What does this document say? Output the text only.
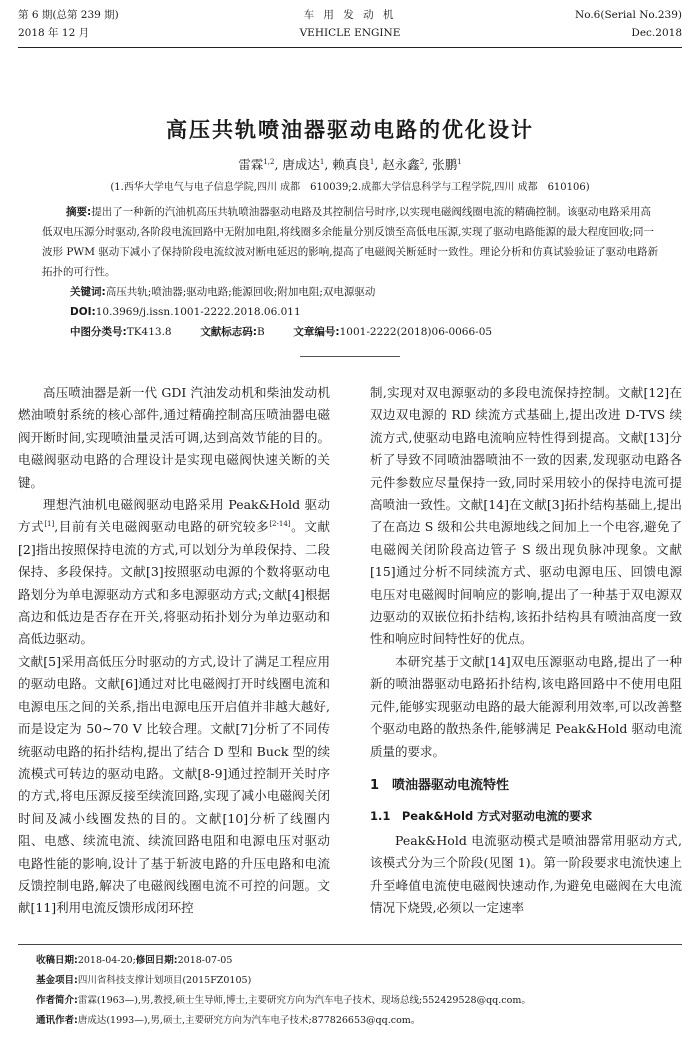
第 6 期(总第 239 期)
2018 年 12 月
车 用 发 动 机
VEHICLE ENGINE
No.6(Serial No.239)
Dec.2018
高压共轨喷油器驱动电路的优化设计
雷霖$^{1,2}$, 唐成达$^1$, 赖真良$^1$, 赵永鑫$^2$, 张鹏$^1$
(1.西华大学电气与电子信息学院,四川 成都　610039;2.成都大学信息科学与工程学院,四川 成都　610106)
摘要:提出了一种新的汽油机高压共轨喷油器驱动电路及其控制信号时序,以实现电磁阀线圈电流的精确控制。该驱动电路采用高低双电压源分时驱动,各阶段电流回路中无附加电阻,将线圈多余能量分别反馈至高低电压源,实现了驱动电路能源的最大程度回收;同一波形 PWM 驱动下减小了保持阶段电流纹波对断电延迟的影响,提高了电磁阀关断延时一致性。理论分析和仿真试验验证了驱动电路新拓扑的可行性。
关键词:高压共轨;喷油器;驱动电路;能源回收;附加电阻;双电源驱动
DOI:10.3969/j.issn.1001-2222.2018.06.011
中图分类号:TK413.8	文献标志码:B	文章编号:1001-2222(2018)06-0066-05

高压喷油器是新一代 GDI 汽油发动机和柴油发动机燃油喷射系统的核心部件,通过精确控制高压喷油器电磁阀开断时间,实现喷油量灵活可调,达到高效节能的目的。电磁阀驱动电路的合理设计是实现电磁阀快速关断的关键。

理想汽油机电磁阀驱动电路采用 Peak&Hold 驱动方式[1],目前有关电磁阀驱动电路的研究较多[2-14]。文献[2]指出按照保持电流的方式,可以划分为单段保持、二段保持、多段保持。文献[3]按照驱动电源的个数将驱动电路划分为单电源驱动方式和多电源驱动方式;文献[4]根据高边和低边是否存在开关,将驱动拓扑划分为单边驱动和高低边驱动。

文献[5]采用高低压分时驱动的方式,设计了满足工程应用的驱动电路。文献[6]通过对比电磁阀打开时线圈电流和电源电压之间的关系,指出电源电压开启值并非越大越好,而是设定为 50~70 V 比较合理。文献[7]分析了不同传统驱动电路的拓扑结构,提出了结合 D 型和 Buck 型的续流模式可转边的驱动电路。文献[8-9]通过控制开关时序的方式,将电压源反接至续流回路,实现了减小电磁阀关闭时间及减小线圈发热的目的。文献[10]分析了线圈内阻、电感、续流电流、续流回路电阻和电源电压对驱动电路性能的影响,设计了基于斩波电路的升压电路和电流反馈控制电路,解决了电磁阀线圈电流不可控的问题。文献[11]利用电流反馈形成闭环控

制,实现对双电源驱动的多段电流保持控制。文献[12]在双边双电源的 RD 续流方式基础上,提出改进 D-TVS 续流方式,使驱动电路电流响应特性得到提高。文献[13]分析了导致不同喷油器喷油不一致的因素,发现驱动电路各元件参数应尽量保持一致,同时采用较小的保持电流可提高喷油一致性。文献[14]在文献[3]拓扑结构基础上,提出了在高边 S 级和公共电源地线之间加上一个电容,避免了电磁阀关闭阶段高边管子 S 级出现负脉冲现象。文献[15]通过分析不同续流方式、驱动电源电压、回馈电源电压对电磁阀时间响应的影响,提出了一种基于双电源双边驱动的双嵌位拓扑结构,该拓扑结构具有喷油高度一致性和响应时间特性好的优点。

本研究基于文献[14]双电压源驱动电路,提出了一种新的喷油器驱动电路拓扑结构,该电路回路中不使用电阻元件,能够实现驱动电路的最大能源利用效率,可以改善整个驱动电路的散热条件,能够满足 Peak&Hold 驱动电流质量的要求。

1　喷油器驱动电流特性
1.1　Peak&Hold 方式对驱动电流的要求

Peak&Hold 电流驱动模式是喷油器常用驱动方式,该模式分为三个阶段(见图 1)。第一阶段要求电流快速上升至峰值电流使电磁阀快速动作,为避免电磁阀在大电流情况下烧毁,必须以一定速率

收稿日期:2018-04-20;修回日期:2018-07-05
基金项目:四川省科技支撑计划项目(2015FZ0105)
作者简介:雷霖(1963—),男,教授,硕士生导师,博士,主要研究方向为汽车电子技术、现场总线;552429528@qq.com。
通讯作者:唐成达(1993—),男,硕士,主要研究方向为汽车电子技术;877826653@qq.com。
